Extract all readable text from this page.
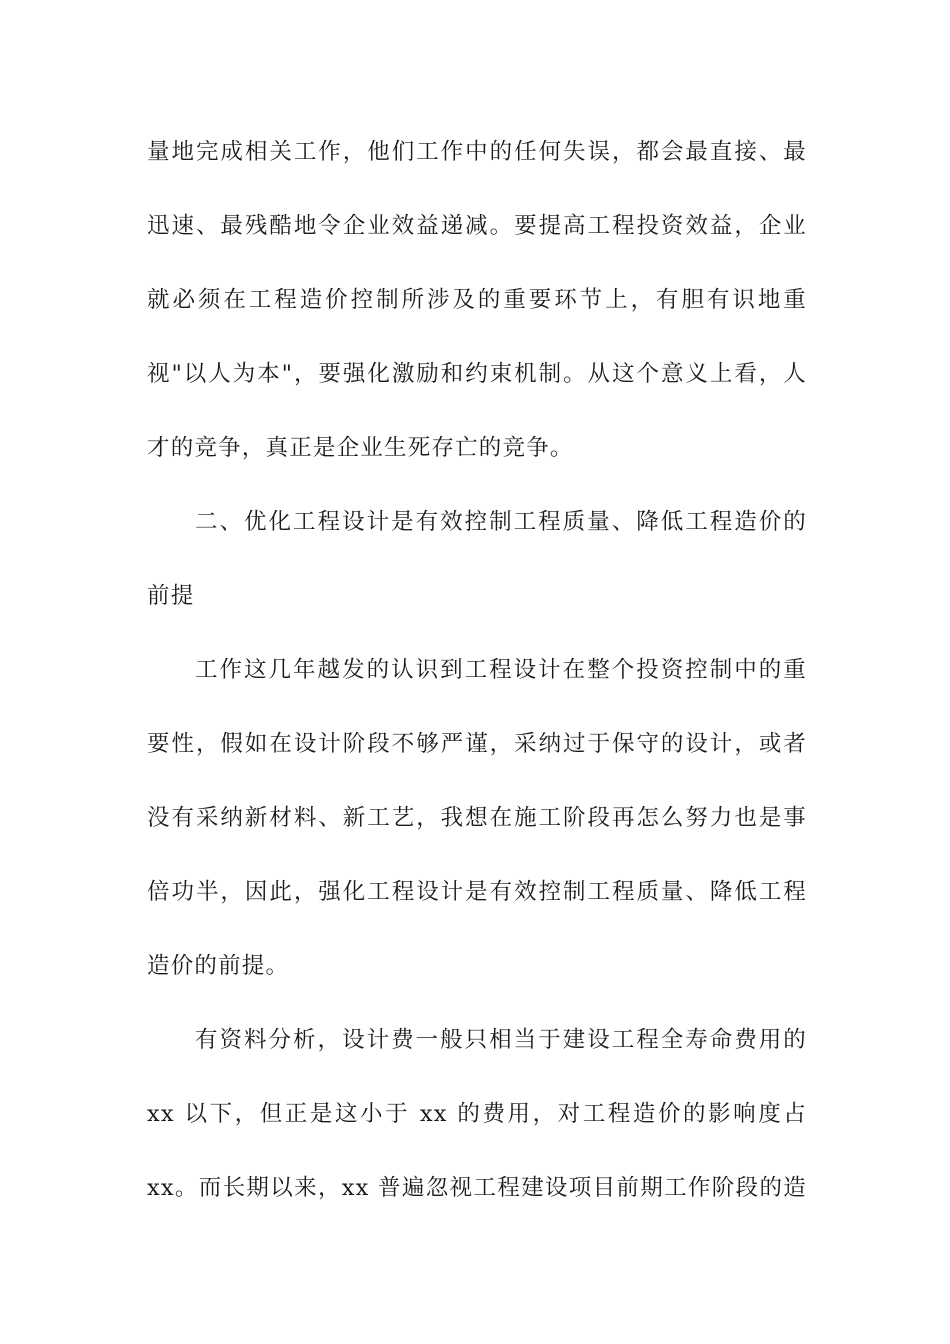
量地完成相关工作，他们工作中的任何失误，都会最直接、最
迅速、最残酷地令企业效益递减。要提高工程投资效益，企业
就必须在工程造价控制所涉及的重要环节上，有胆有识地重
视"以人为本"，要强化激励和约束机制。从这个意义上看，人
才的竞争，真正是企业生死存亡的竞争。
二、优化工程设计是有效控制工程质量、降低工程造价的
前提
工作这几年越发的认识到工程设计在整个投资控制中的重
要性，假如在设计阶段不够严谨，采纳过于保守的设计，或者
没有采纳新材料、新工艺，我想在施工阶段再怎么努力也是事
倍功半，因此，强化工程设计是有效控制工程质量、降低工程
造价的前提。
有资料分析，设计费一般只相当于建设工程全寿命费用的
xx 以下，但正是这小于 xx 的费用，对工程造价的影响度占
xx。而长期以来，xx 普遍忽视工程建设项目前期工作阶段的造
